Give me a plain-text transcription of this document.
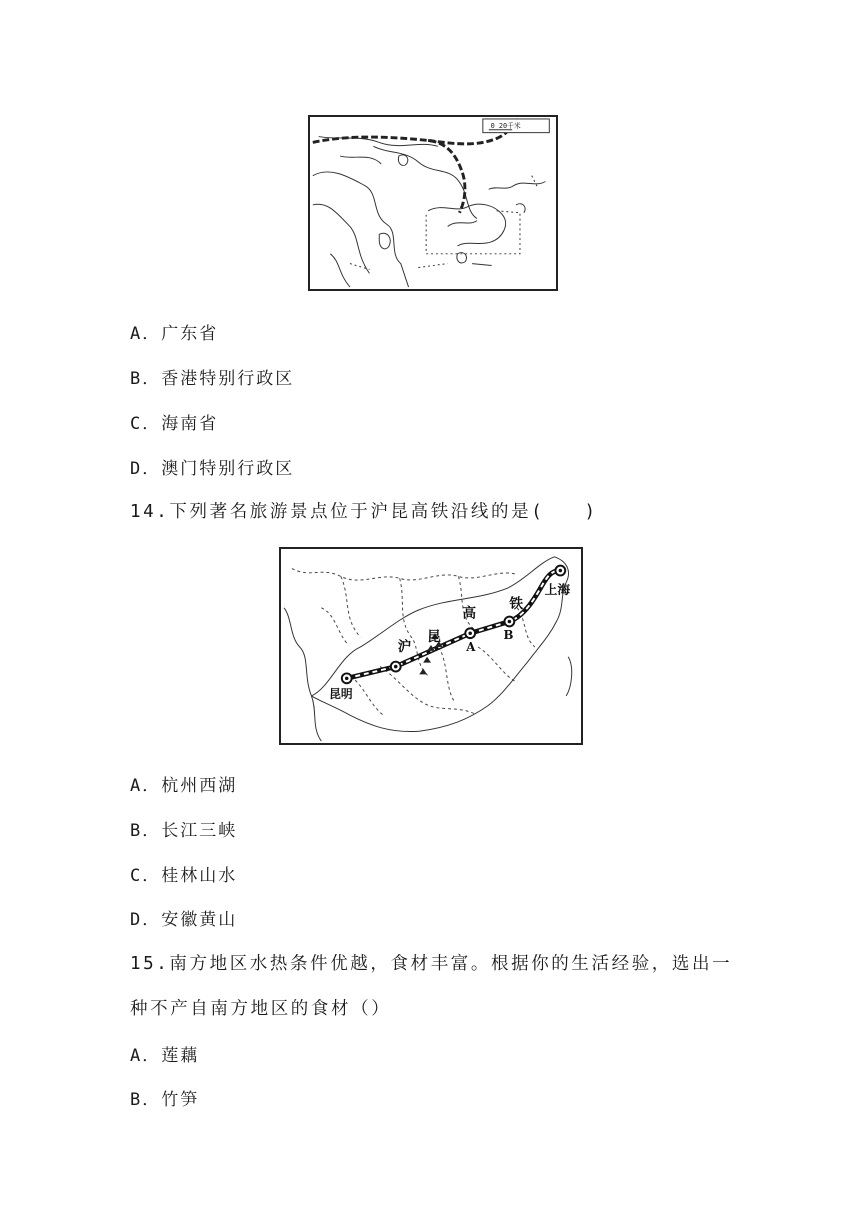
0 20千米
A．广东省
B．香港特别行政区
C．海南省
D．澳门特别行政区
14.下列著名旅游景点位于沪昆高铁沿线的是(　　)
昆明
上海
沪
昆
高
铁
A
B
A．杭州西湖
B．长江三峡
C．桂林山水
D．安徽黄山
15.南方地区水热条件优越，食材丰富。根据你的生活经验，选出一
种不产自南方地区的食材（）
A．莲藕
B．竹笋
